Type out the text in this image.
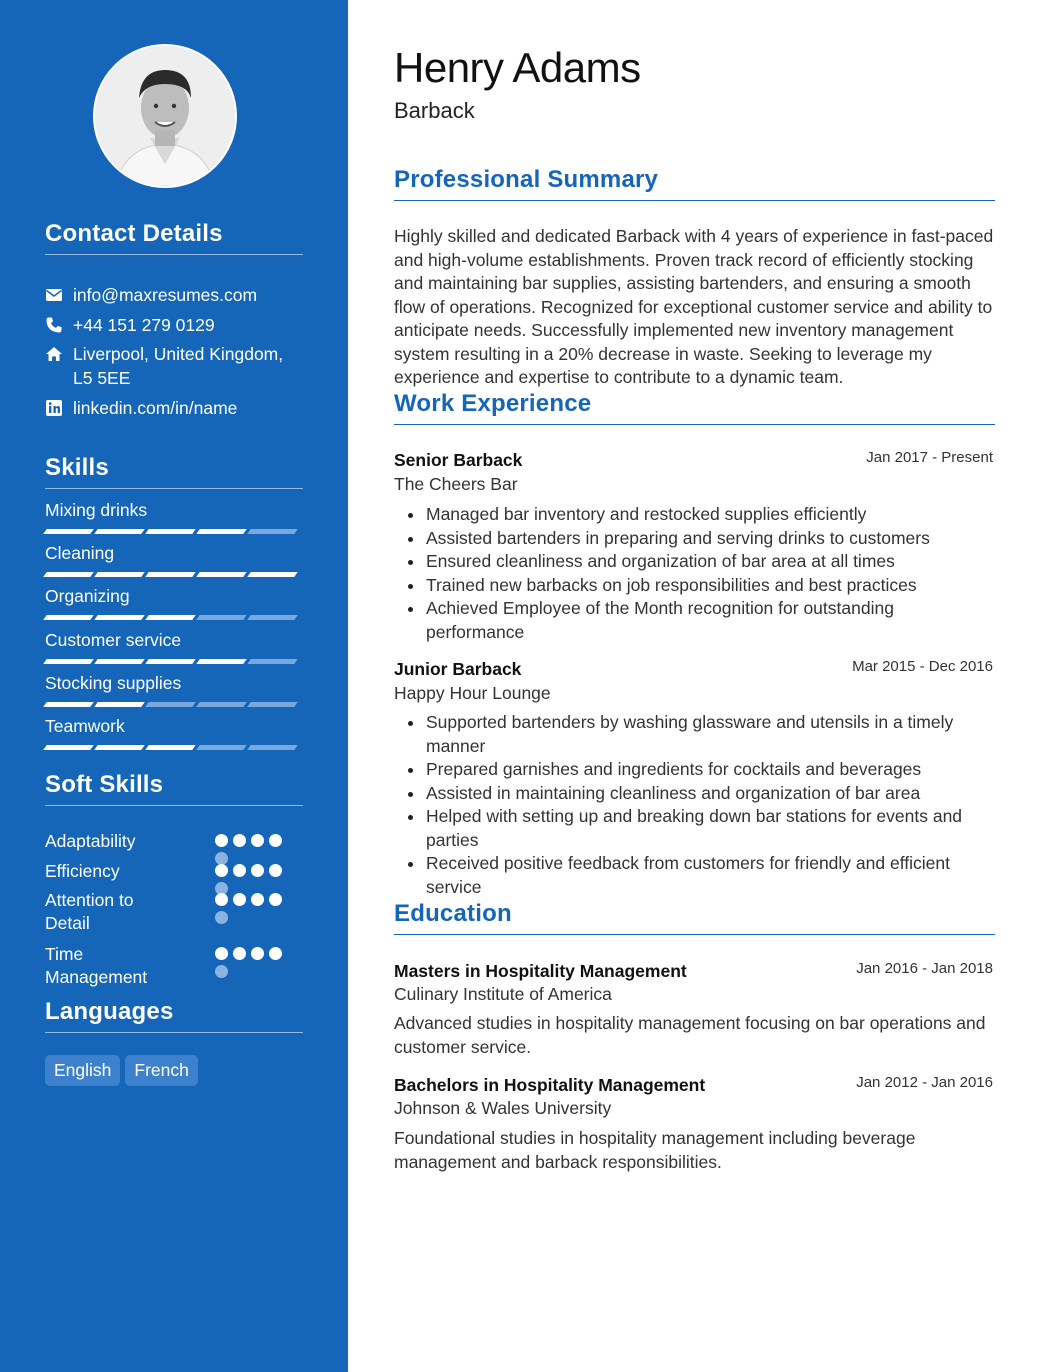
Contact Details
info@maxresumes.com
+44 151 279 0129
Liverpool, United Kingdom, L5 5EE
linkedin.com/in/name
Skills
Mixing drinks
Cleaning
Organizing
Customer service
Stocking supplies
Teamwork
Soft Skills
Adaptability
Efficiency
Attention to Detail
Time Management
Languages
English French
Henry Adams
Barback
Professional Summary
Highly skilled and dedicated Barback with 4 years of experience in fast-paced and high-volume establishments. Proven track record of efficiently stocking and maintaining bar supplies, assisting bartenders, and ensuring a smooth flow of operations. Recognized for exceptional customer service and ability to anticipate needs. Successfully implemented new inventory management system resulting in a 20% decrease in waste. Seeking to leverage my experience and expertise to contribute to a dynamic team.
Work Experience
Senior Barback	Jan 2017 - Present
The Cheers Bar
Managed bar inventory and restocked supplies efficiently
Assisted bartenders in preparing and serving drinks to customers
Ensured cleanliness and organization of bar area at all times
Trained new barbacks on job responsibilities and best practices
Achieved Employee of the Month recognition for outstanding performance
Junior Barback	Mar 2015 - Dec 2016
Happy Hour Lounge
Supported bartenders by washing glassware and utensils in a timely manner
Prepared garnishes and ingredients for cocktails and beverages
Assisted in maintaining cleanliness and organization of bar area
Helped with setting up and breaking down bar stations for events and parties
Received positive feedback from customers for friendly and efficient service
Education
Masters in Hospitality Management	Jan 2016 - Jan 2018
Culinary Institute of America
Advanced studies in hospitality management focusing on bar operations and customer service.
Bachelors in Hospitality Management	Jan 2012 - Jan 2016
Johnson & Wales University
Foundational studies in hospitality management including beverage management and barback responsibilities.
